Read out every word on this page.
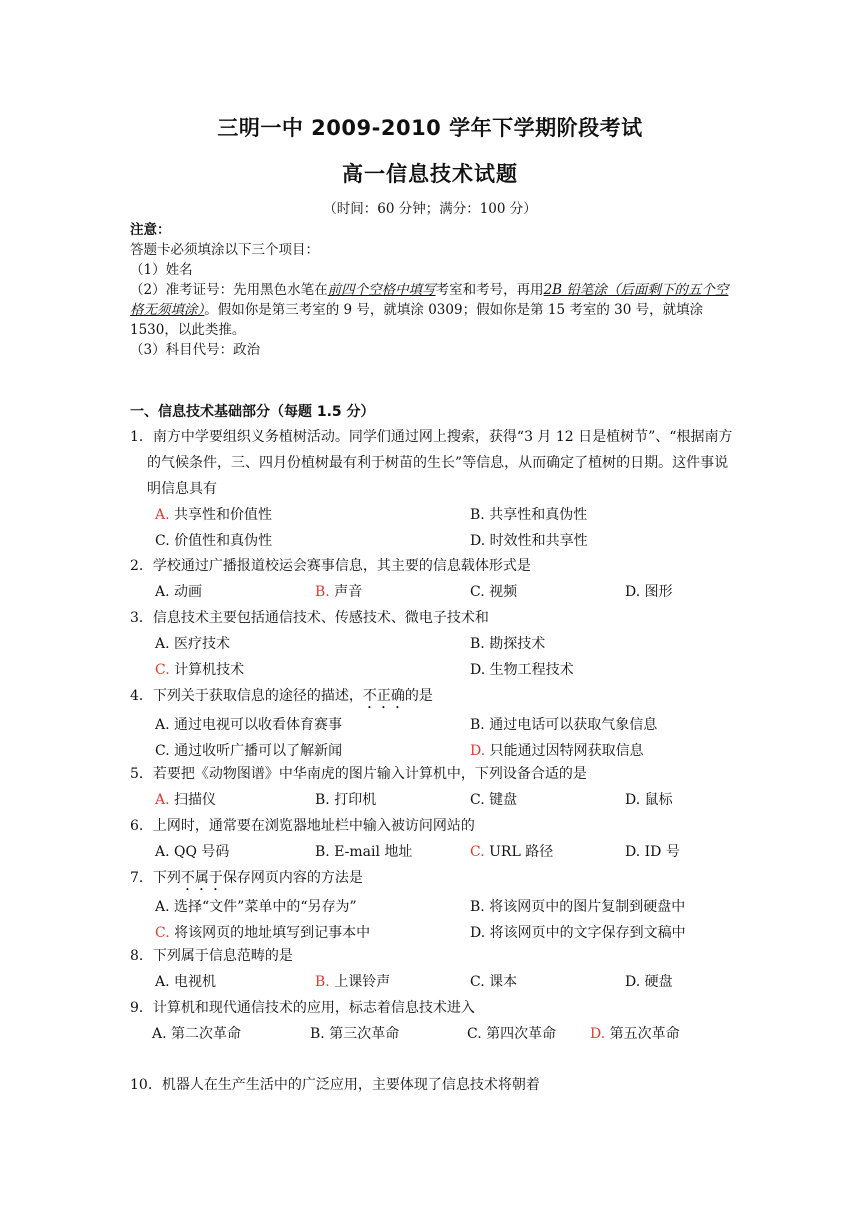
三明一中 2009-2010 学年下学期阶段考试
高一信息技术试题
（时间：60 分钟；满分：100 分）
注意：
答题卡必须填涂以下三个项目：
（1）姓名
（2）准考证号：先用黑色水笔在前四个空格中填写考室和考号，再用2B 铅笔涂（后面剩下的五个空格无须填涂）。假如你是第三考室的 9 号，就填涂 0309；假如你是第 15 考室的 30 号，就填涂 1530，以此类推。
（3）科目代号：政治
一、信息技术基础部分（每题 1.5 分）
1．南方中学要组织义务植树活动。同学们通过网上搜索，获得“3 月 12 日是植树节”、“根据南方的气候条件，三、四月份植树最有利于树苗的生长”等信息，从而确定了植树的日期。这件事说明信息具有
A. 共享性和价值性	B. 共享性和真伪性
C. 价值性和真伪性	D. 时效性和共享性
2．学校通过广播报道校运会赛事信息，其主要的信息载体形式是
A. 动画	B. 声音	C. 视频	D. 图形
3．信息技术主要包括通信技术、传感技术、微电子技术和
A. 医疗技术	B. 勘探技术
C. 计算机技术	D. 生物工程技术
4．下列关于获取信息的途径的描述，不正确的是
A. 通过电视可以收看体育赛事	B. 通过电话可以获取气象信息
C. 通过收听广播可以了解新闻	D. 只能通过因特网获取信息
5．若要把《动物图谱》中华南虎的图片输入计算机中，下列设备合适的是
A. 扫描仪	B. 打印机	C. 键盘	D. 鼠标
6．上网时，通常要在浏览器地址栏中输入被访问网站的
A. QQ 号码	B. E-mail 地址	C. URL 路径	D. ID 号
7．下列不属于保存网页内容的方法是
A. 选择“文件”菜单中的“另存为”	B. 将该网页中的图片复制到硬盘中
C. 将该网页的地址填写到记事本中	D. 将该网页中的文字保存到文稿中
8．下列属于信息范畴的是
A. 电视机	B. 上课铃声	C. 课本	D. 硬盘
9．计算机和现代通信技术的应用，标志着信息技术进入
A. 第二次革命	B. 第三次革命	C. 第四次革命 D. 第五次革命
10．机器人在生产生活中的广泛应用，主要体现了信息技术将朝着
